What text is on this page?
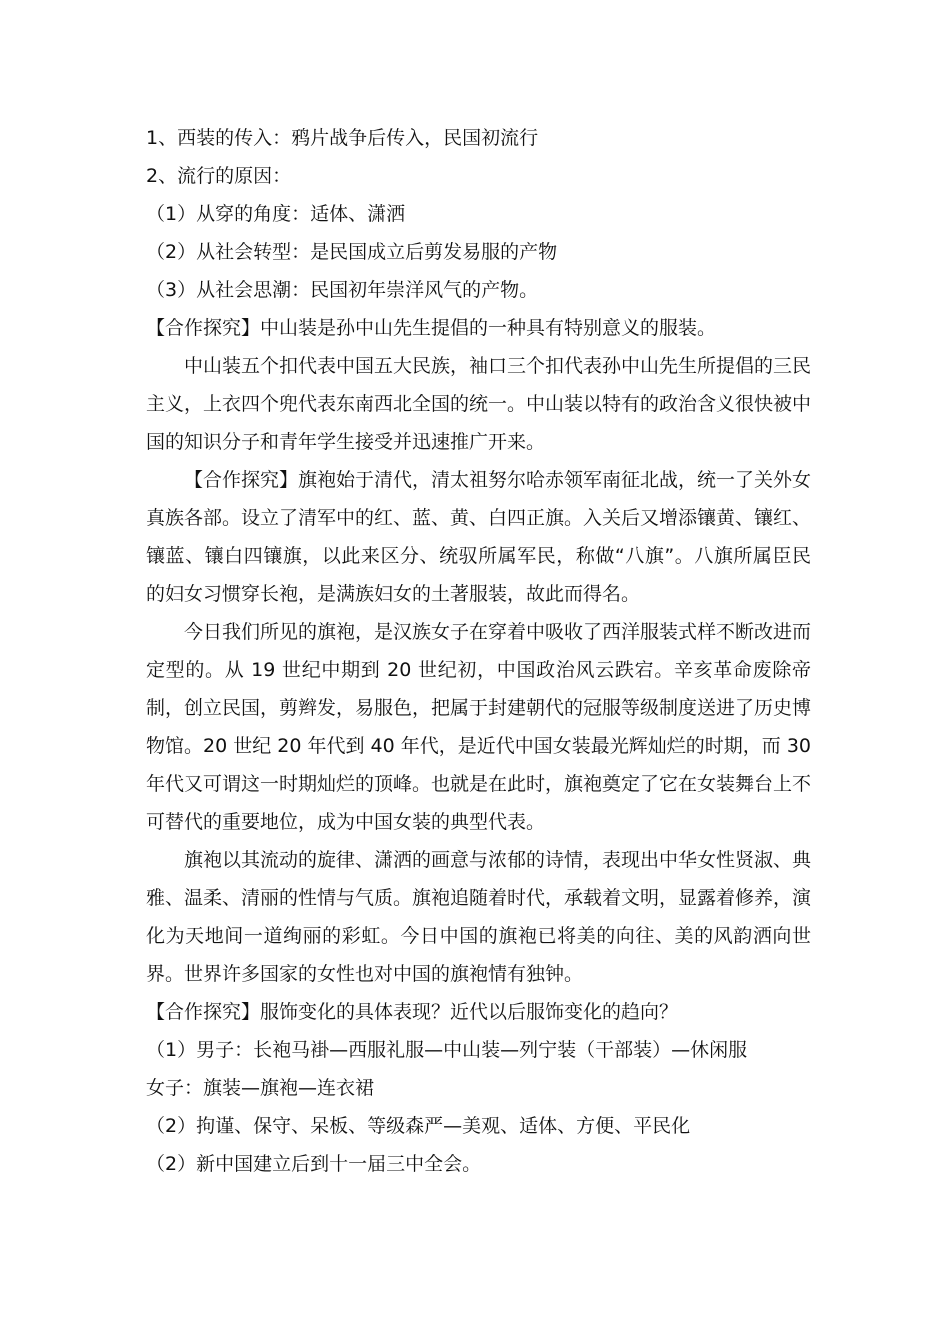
1、西装的传入：鸦片战争后传入，民国初流行

2、流行的原因：

（1）从穿的角度：适体、潇洒

（2）从社会转型：是民国成立后剪发易服的产物

（3）从社会思潮：民国初年崇洋风气的产物。

【合作探究】中山装是孙中山先生提倡的一种具有特别意义的服装。

中山装五个扣代表中国五大民族，袖口三个扣代表孙中山先生所提倡的三民主义，上衣四个兜代表东南西北全国的统一。中山装以特有的政治含义很快被中国的知识分子和青年学生接受并迅速推广开来。

【合作探究】旗袍始于清代，清太祖努尔哈赤领军南征北战，统一了关外女真族各部。设立了清军中的红、蓝、黄、白四正旗。入关后又增添镶黄、镶红、镶蓝、镶白四镶旗，以此来区分、统驭所属军民，称做“八旗”。八旗所属臣民的妇女习惯穿长袍，是满族妇女的土著服装，故此而得名。

今日我们所见的旗袍，是汉族女子在穿着中吸收了西洋服装式样不断改进而定型的。从 19 世纪中期到 20 世纪初，中国政治风云跌宕。辛亥革命废除帝制，创立民国，剪辫发，易服色，把属于封建朝代的冠服等级制度送进了历史博物馆。20 世纪 20 年代到 40 年代，是近代中国女装最光辉灿烂的时期，而 30 年代又可谓这一时期灿烂的顶峰。也就是在此时，旗袍奠定了它在女装舞台上不可替代的重要地位，成为中国女装的典型代表。

旗袍以其流动的旋律、潇洒的画意与浓郁的诗情，表现出中华女性贤淑、典雅、温柔、清丽的性情与气质。旗袍追随着时代，承载着文明，显露着修养，演化为天地间一道绚丽的彩虹。今日中国的旗袍已将美的向往、美的风韵洒向世界。世界许多国家的女性也对中国的旗袍情有独钟。

【合作探究】服饰变化的具体表现？近代以后服饰变化的趋向？

（1）男子：长袍马褂—西服礼服—中山装—列宁装（干部装）—休闲服

女子：旗装—旗袍—连衣裙

（2）拘谨、保守、呆板、等级森严—美观、适体、方便、平民化

（2）新中国建立后到十一届三中全会。
